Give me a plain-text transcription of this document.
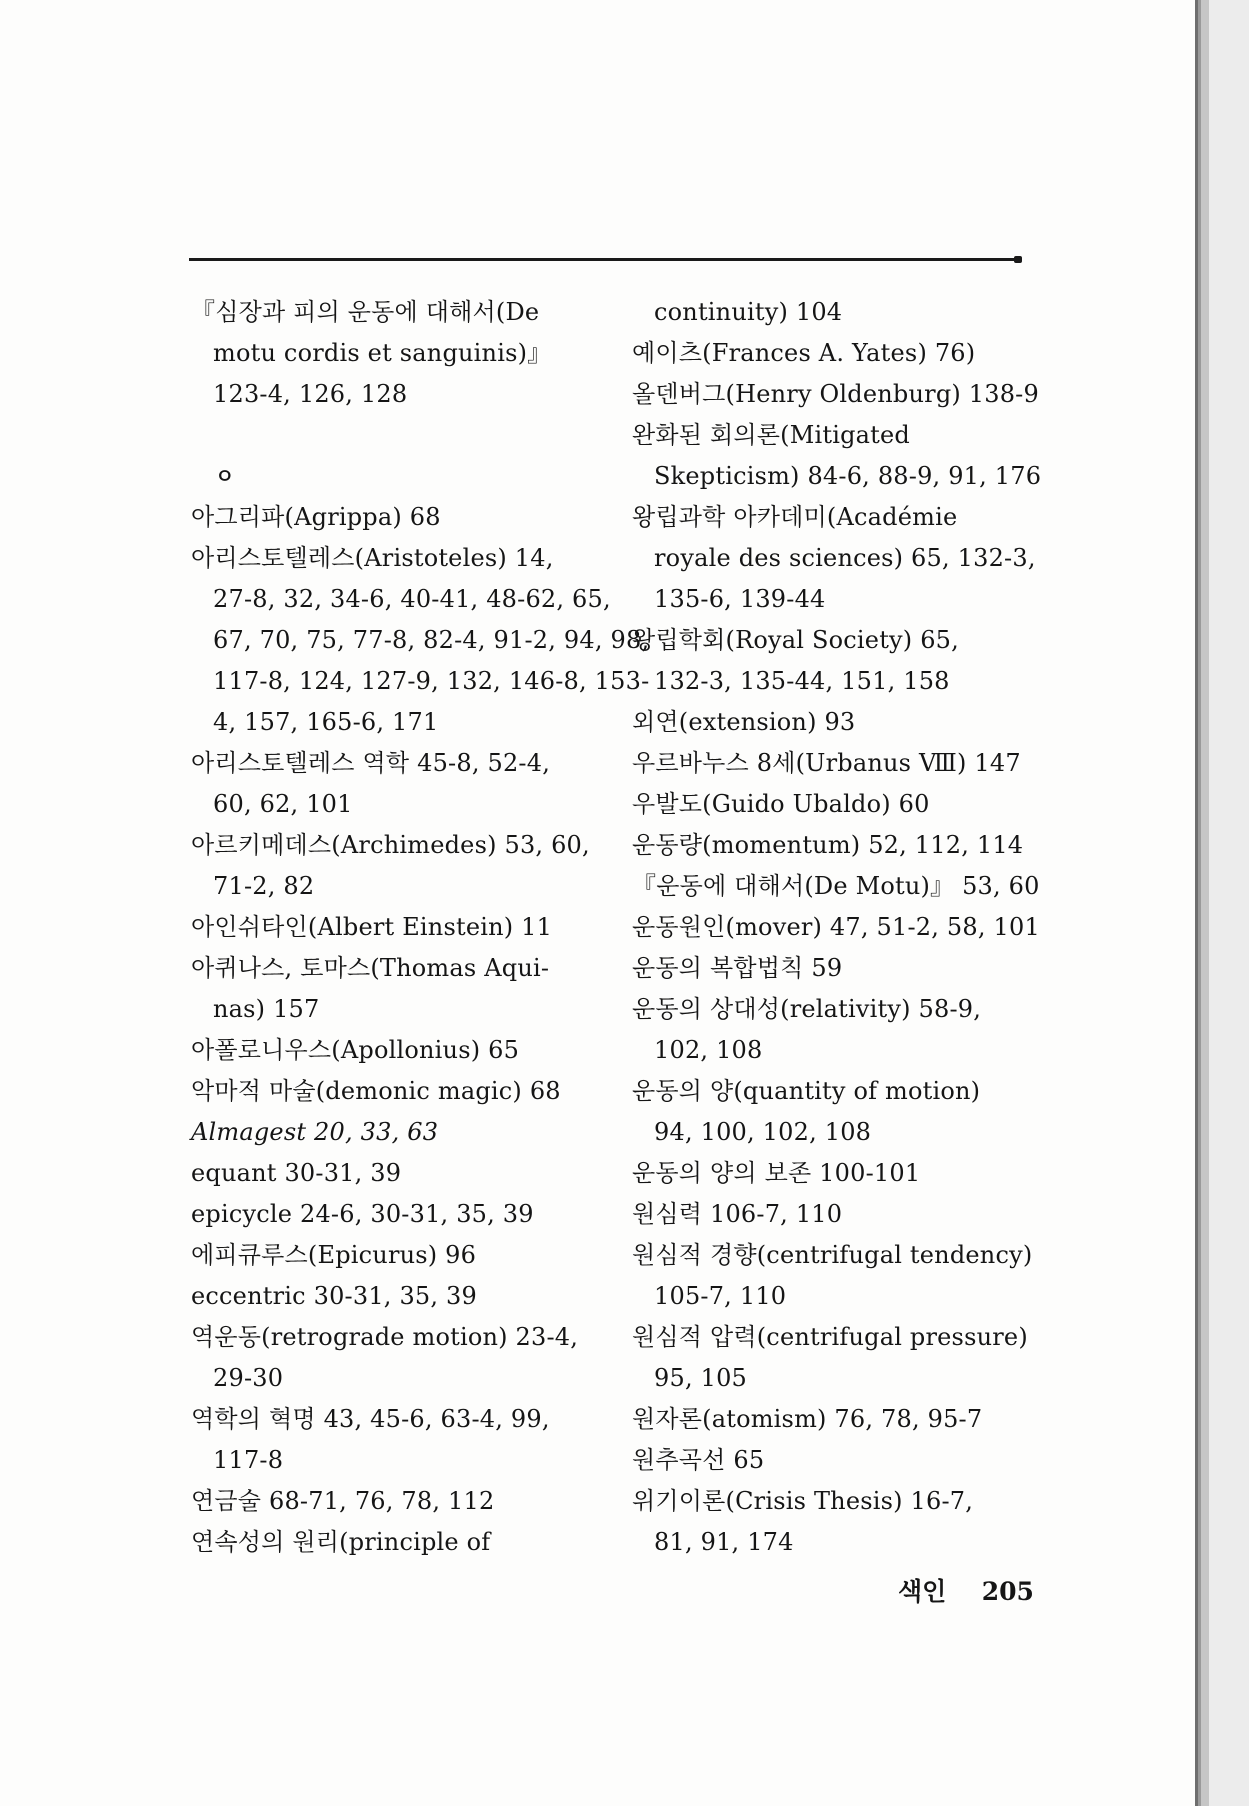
『심장과 피의 운동에 대해서(De

motu cordis et sanguinis)』

123-4, 126, 128

ㅇ

아그리파(Agrippa) 68

아리스토텔레스(Aristoteles) 14,

27-8, 32, 34-6, 40-41, 48-62, 65,

67, 70, 75, 77-8, 82-4, 91-2, 94, 98,

117-8, 124, 127-9, 132, 146-8, 153-

4, 157, 165-6, 171

아리스토텔레스 역학 45-8, 52-4,

60, 62, 101

아르키메데스(Archimedes) 53, 60,

71-2, 82

아인쉬타인(Albert Einstein) 11

아퀴나스, 토마스(Thomas Aqui-

nas) 157

아폴로니우스(Apollonius) 65

악마적 마술(demonic magic) 68

Almagest 20, 33, 63

equant 30-31, 39

epicycle 24-6, 30-31, 35, 39

에피큐루스(Epicurus) 96

eccentric 30-31, 35, 39

역운동(retrograde motion) 23-4,

29-30

역학의 혁명 43, 45-6, 63-4, 99,

117-8

연금술 68-71, 76, 78, 112

연속성의 원리(principle of

continuity) 104

예이츠(Frances A. Yates) 76)

올덴버그(Henry Oldenburg) 138-9

완화된 회의론(Mitigated

Skepticism) 84-6, 88-9, 91, 176

왕립과학 아카데미(Académie

royale des sciences) 65, 132-3,

135-6, 139-44

왕립학회(Royal Society) 65,

132-3, 135-44, 151, 158

외연(extension) 93

우르바누스 8세(Urbanus Ⅷ) 147

우발도(Guido Ubaldo) 60

운동량(momentum) 52, 112, 114

『운동에 대해서(De Motu)』 53, 60

운동원인(mover) 47, 51-2, 58, 101

운동의 복합법칙 59

운동의 상대성(relativity) 58-9,

102, 108

운동의 양(quantity of motion)

94, 100, 102, 108

운동의 양의 보존 100-101

원심력 106-7, 110

원심적 경향(centrifugal tendency)

105-7, 110

원심적 압력(centrifugal pressure)

95, 105

원자론(atomism) 76, 78, 95-7

원추곡선 65

위기이론(Crisis Thesis) 16-7,

81, 91, 174

색인 205
